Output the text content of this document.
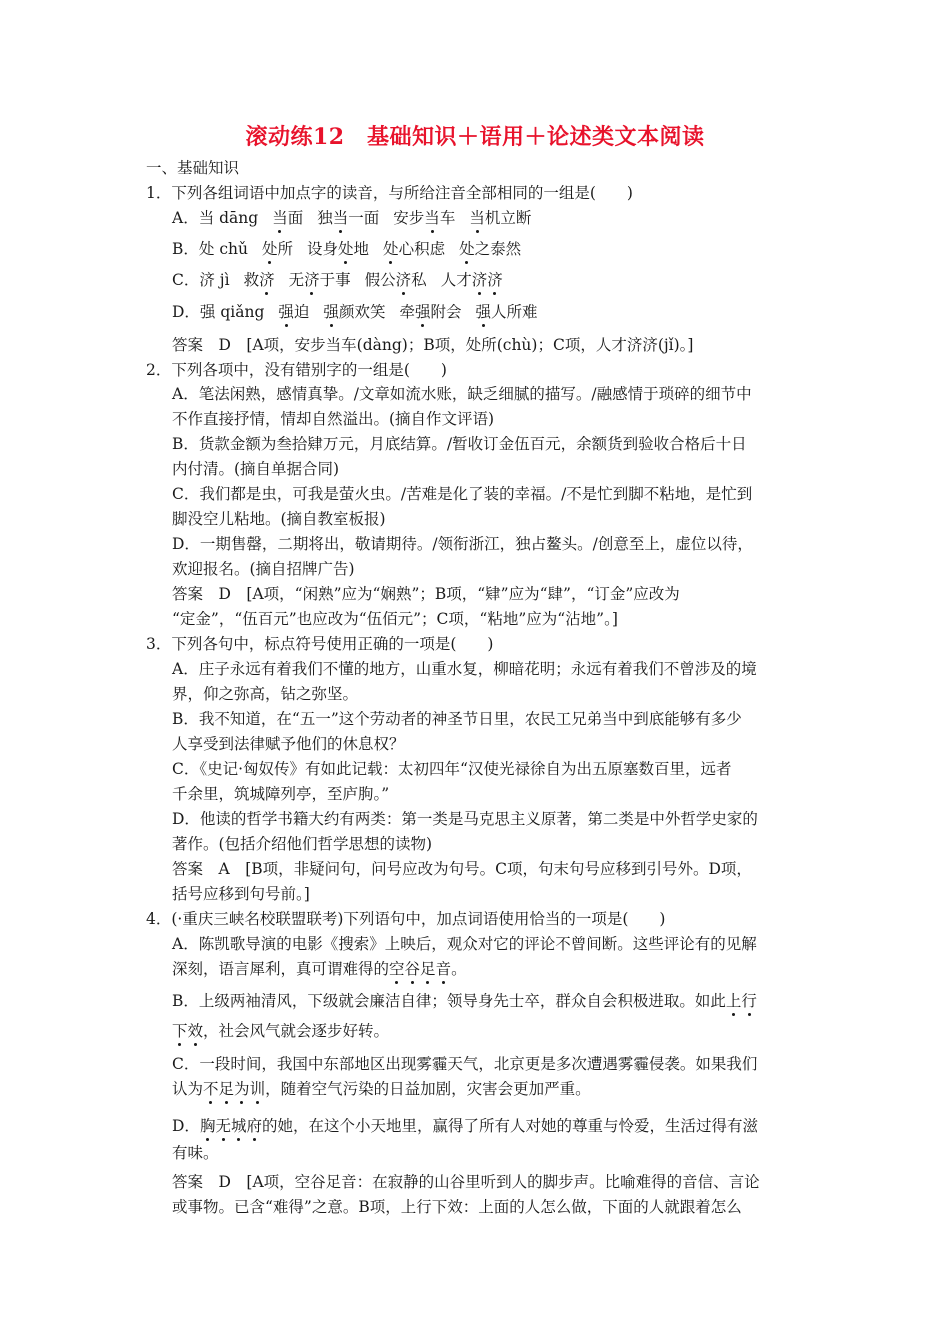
滚动练12　基础知识＋语用＋论述类文本阅读
一、基础知识
1．下列各组词语中加点字的读音，与所给注音全部相同的一组是(　　)
A．当 dāng 当面 独当一面 安步当车 当机立断
B．处 chǔ 处所 设身处地 处心积虑 处之泰然
C．济 jì 救济 无济于事 假公济私 人才济济
D．强 qiǎng 强迫 强颜欢笑 牵强附会 强人所难
答案　D　[A项，安步当车(dàng)；B项，处所(chù)；C项，人才济济(jǐ)。]
2．下列各项中，没有错别字的一组是(　　)
A．笔法闲熟，感情真挚。/文章如流水账，缺乏细腻的描写。/融感情于琐碎的细节中
不作直接抒情，情却自然溢出。(摘自作文评语)
B．货款金额为叁拾肄万元，月底结算。/暂收订金伍百元，余额货到验收合格后十日
内付清。(摘自单据合同)
C．我们都是虫，可我是萤火虫。/苦难是化了装的幸福。/不是忙到脚不粘地，是忙到
脚没空儿粘地。(摘自教室板报)
D．一期售罄，二期将出，敬请期待。/领衔浙江，独占鳌头。/创意至上，虚位以待，
欢迎报名。(摘自招牌广告)
答案　D　[A项，“闲熟”应为“娴熟”；B项，“肄”应为“肆”，“订金”应改为
“定金”，“伍百元”也应改为“伍佰元”；C项，“粘地”应为“沾地”。]
3．下列各句中，标点符号使用正确的一项是(　　)
A．庄子永远有着我们不懂的地方，山重水复，柳暗花明；永远有着我们不曾涉及的境
界，仰之弥高，钻之弥坚。
B．我不知道，在“五一”这个劳动者的神圣节日里，农民工兄弟当中到底能够有多少
人享受到法律赋予他们的休息权？
C．《史记·匈奴传》有如此记载：太初四年“汉使光禄徐自为出五原塞数百里，远者
千余里，筑城障列亭，至庐朐。”
D．他读的哲学书籍大约有两类：第一类是马克思主义原著，第二类是中外哲学史家的
著作。(包括介绍他们哲学思想的读物)
答案　A　[B项，非疑问句，问号应改为句号。C项，句末句号应移到引号外。D项，
括号应移到句号前。]
4．(·重庆三峡名校联盟联考)下列语句中，加点词语使用恰当的一项是(　　)
A．陈凯歌导演的电影《搜索》上映后，观众对它的评论不曾间断。这些评论有的见解
深刻，语言犀利，真可谓难得的空谷足音。
B．上级两袖清风，下级就会廉洁自律；领导身先士卒，群众自会积极进取。如此上行
下效，社会风气就会逐步好转。
C．一段时间，我国中东部地区出现雾霾天气，北京更是多次遭遇雾霾侵袭。如果我们
认为不足为训，随着空气污染的日益加剧，灾害会更加严重。
D．胸无城府的她，在这个小天地里，赢得了所有人对她的尊重与怜爱，生活过得有滋
有味。
答案　D　[A项，空谷足音：在寂静的山谷里听到人的脚步声。比喻难得的音信、言论
或事物。已含“难得”之意。B项，上行下效：上面的人怎么做，下面的人就跟着怎么
